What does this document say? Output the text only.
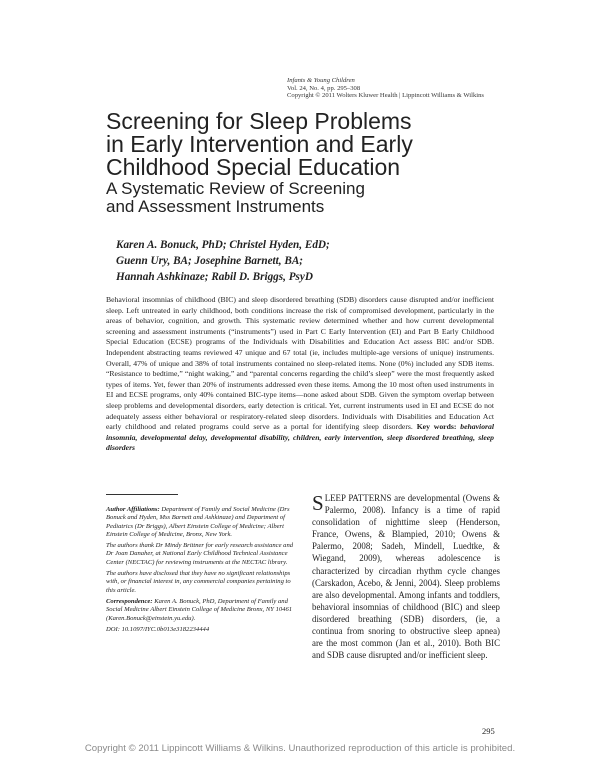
Infants & Young Children
Vol. 24, No. 4, pp. 295–308
Copyright © 2011 Wolters Kluwer Health | Lippincott Williams & Wilkins
Screening for Sleep Problems
in Early Intervention and Early
Childhood Special Education
A Systematic Review of Screening
and Assessment Instruments
Karen A. Bonuck, PhD; Christel Hyden, EdD;
Guenn Ury, BA; Josephine Barnett, BA;
Hannah Ashkinaze; Rabil D. Briggs, PsyD
Behavioral insomnias of childhood (BIC) and sleep disordered breathing (SDB) disorders cause disrupted and/or inefficient sleep. Left untreated in early childhood, both conditions increase the risk of compromised development, particularly in the areas of behavior, cognition, and growth. This systematic review determined whether and how current developmental screening and assessment instruments (“instruments”) used in Part C Early Intervention (EI) and Part B Early Childhood Special Education (ECSE) programs of the Individuals with Disabilities and Education Act assess BIC and/or SDB. Independent abstracting teams reviewed 47 unique and 67 total (ie, includes multiple-age versions of unique) instruments. Overall, 47% of unique and 38% of total instruments contained no sleep-related items. None (0%) included any SDB items. “Resistance to bedtime,” “night waking,” and “parental concerns regarding the child’s sleep” were the most frequently asked types of items. Yet, fewer than 20% of instruments addressed even these items. Among the 10 most often used instruments in EI and ECSE programs, only 40% contained BIC-type items—none asked about SDB. Given the symptom overlap between sleep problems and developmental disorders, early detection is critical. Yet, current instruments used in EI and ECSE do not adequately assess either behavioral or respiratory-related sleep disorders. Individuals with Disabilities and Education Act early childhood and related programs could serve as a portal for identifying sleep disorders. Key words: behavioral insomnia, developmental delay, developmental disability, children, early intervention, sleep disordered breathing, sleep disorders

Author Affiliations: Department of Family and Social Medicine (Drs Bonuck and Hyden, Mss Barnett and Ashkinaze) and Department of Pediatrics (Dr Briggs), Albert Einstein College of Medicine; Albert Einstein College of Medicine, Bronx, New York.

The authors thank Dr Mindy Brittner for early research assistance and Dr Joan Danaher, at National Early Childhood Technical Assistance Center (NECTAC) for reviewing instruments at the NECTAC library.

The authors have disclosed that they have no significant relationships with, or financial interest in, any commercial companies pertaining to this article.

Correspondence: Karen A. Bonuck, PhD, Department of Family and Social Medicine Albert Einstein College of Medicine Bronx, NY 10461 (Karen.Bonuck@einstein.yu.edu).

DOI: 10.1097/IYC.0b013e3182234444

SLEEP PATTERNS are developmental (Owens & Palermo, 2008). Infancy is a time of rapid consolidation of nighttime sleep (Henderson, France, Owens, & Blampied, 2010; Owens & Palermo, 2008; Sadeh, Mindell, Luedtke, & Wiegand, 2009), whereas adolescence is characterized by circadian rhythm cycle changes (Carskadon, Acebo, & Jenni, 2004). Sleep problems are also developmental. Among infants and toddlers, behavioral insomnias of childhood (BIC) and sleep disordered breathing (SDB) disorders, (ie, a continua from snoring to obstructive sleep apnea) are the most common (Jan et al., 2010). Both BIC and SDB cause disrupted and/or inefficient sleep.
295
Copyright © 2011 Lippincott Williams & Wilkins. Unauthorized reproduction of this article is prohibited.
